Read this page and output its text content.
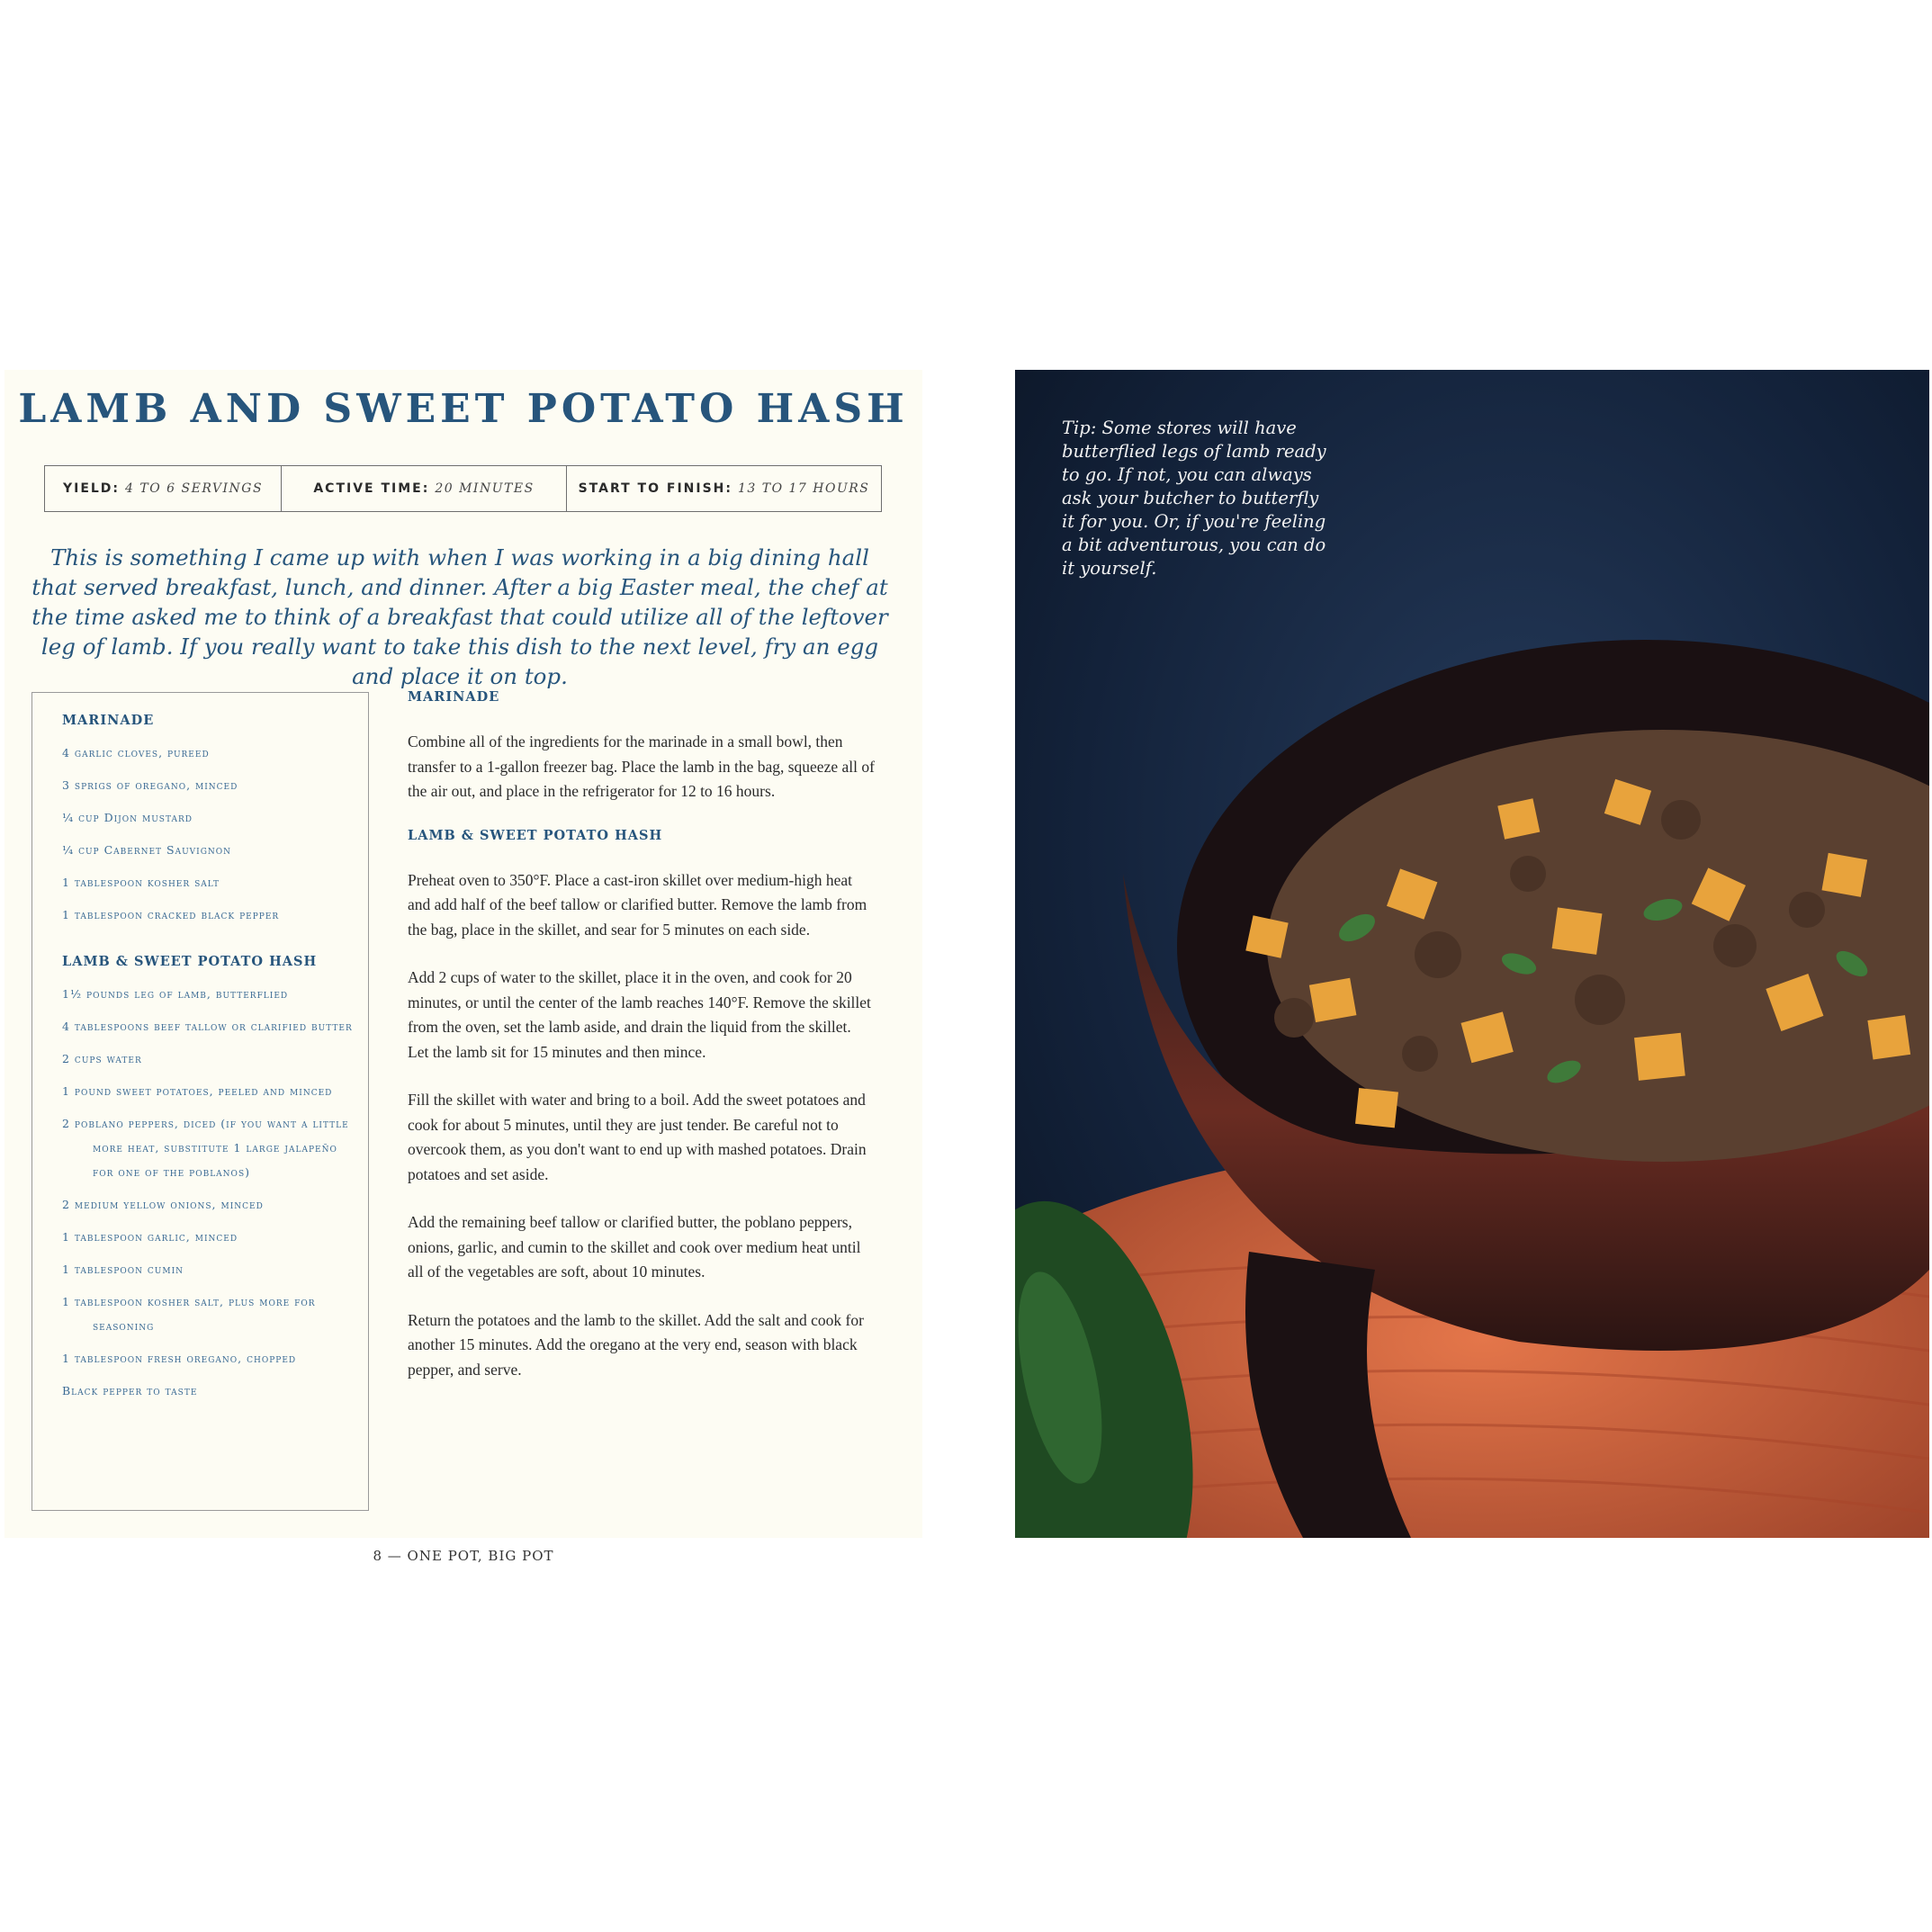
LAMB AND SWEET POTATO HASH
YIELD: 4 TO 6 SERVINGS	ACTIVE TIME: 20 MINUTES	START TO FINISH: 13 TO 17 HOURS

This is something I came up with when I was working in a big dining hall that served breakfast, lunch, and dinner. After a big Easter meal, the chef at the time asked me to think of a breakfast that could utilize all of the leftover leg of lamb. If you really want to take this dish to the next level, fry an egg and place it on top.

MARINADE
4 garlic cloves, pureed
3 sprigs of oregano, minced
¼ cup Dijon mustard
¼ cup Cabernet Sauvignon
1 tablespoon kosher salt
1 tablespoon cracked black pepper
LAMB & SWEET POTATO HASH
1½ pounds leg of lamb, butterflied
4 tablespoons beef tallow or clarified butter
2 cups water
1 pound sweet potatoes, peeled and minced
2 poblano peppers, diced (if you want a little more heat, substitute 1 large jalapeño for one of the poblanos)
2 medium yellow onions, minced
1 tablespoon garlic, minced
1 tablespoon cumin
1 tablespoon kosher salt, plus more for seasoning
1 tablespoon fresh oregano, chopped
Black pepper to taste
MARINADE

Combine all of the ingredients for the marinade in a small bowl, then transfer to a 1-gallon freezer bag. Place the lamb in the bag, squeeze all of the air out, and place in the refrigerator for 12 to 16 hours.

LAMB & SWEET POTATO HASH

Preheat oven to 350°F. Place a cast-iron skillet over medium-high heat and add half of the beef tallow or clarified butter. Remove the lamb from the bag, place in the skillet, and sear for 5 minutes on each side.

Add 2 cups of water to the skillet, place it in the oven, and cook for 20 minutes, or until the center of the lamb reaches 140°F. Remove the skillet from the oven, set the lamb aside, and drain the liquid from the skillet. Let the lamb sit for 15 minutes and then mince.

Fill the skillet with water and bring to a boil. Add the sweet potatoes and cook for about 5 minutes, until they are just tender. Be careful not to overcook them, as you don't want to end up with mashed potatoes. Drain potatoes and set aside.

Add the remaining beef tallow or clarified butter, the poblano peppers, onions, garlic, and cumin to the skillet and cook over medium heat until all of the vegetables are soft, about 10 minutes.

Return the potatoes and the lamb to the skillet. Add the salt and cook for another 15 minutes. Add the oregano at the very end, season with black pepper, and serve.

8 — ONE POT, BIG POT

Tip: Some stores will have butterflied legs of lamb ready to go. If not, you can always ask your butcher to butterfly it for you. Or, if you're feeling a bit adventurous, you can do it yourself.
